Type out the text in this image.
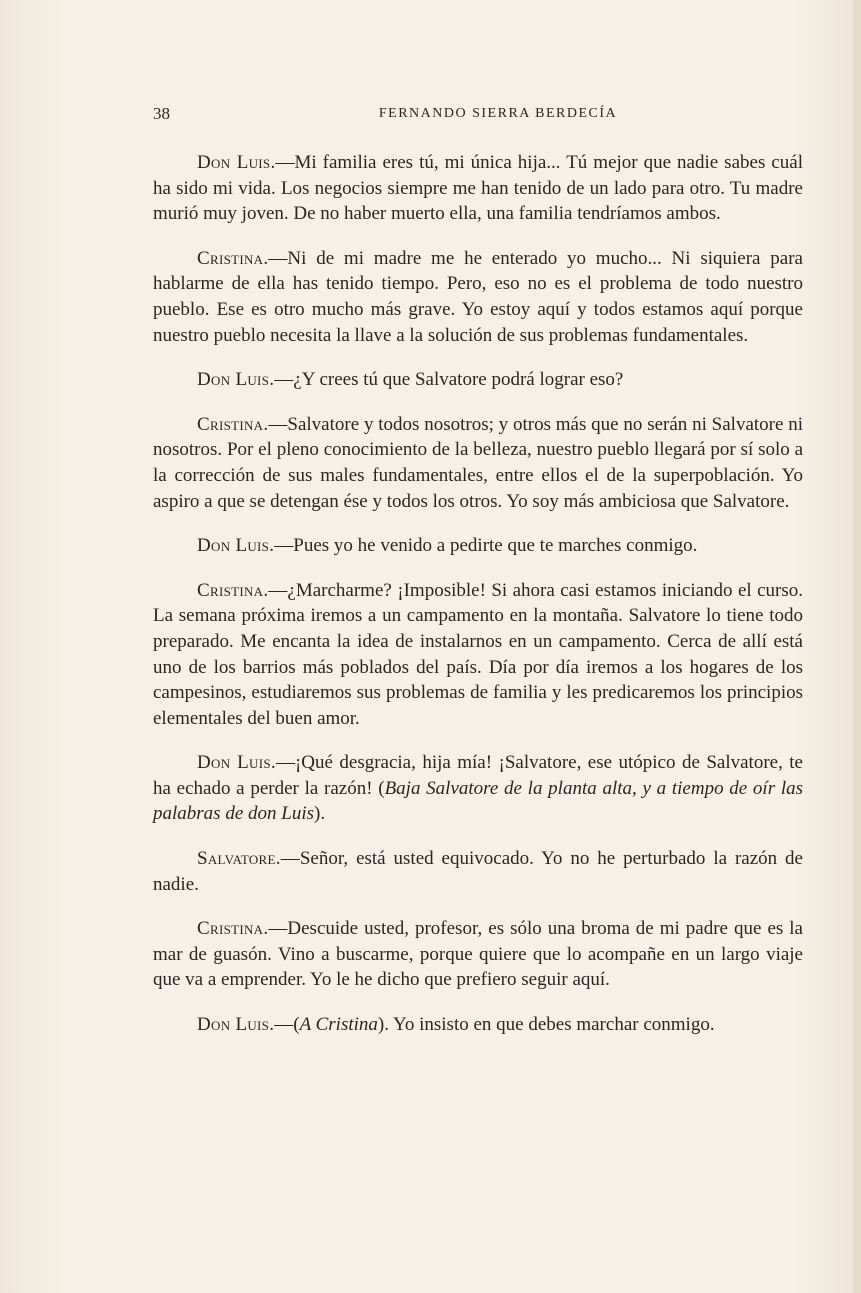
38	FERNANDO SIERRA BERDECÍA

Don Luis.—Mi familia eres tú, mi única hija... Tú mejor que nadie sabes cuál ha sido mi vida. Los negocios siempre me han tenido de un lado para otro. Tu madre murió muy joven. De no haber muerto ella, una familia tendríamos ambos.

Cristina.—Ni de mi madre me he enterado yo mucho... Ni siquiera para hablarme de ella has tenido tiempo. Pero, eso no es el problema de todo nuestro pueblo. Ese es otro mucho más grave. Yo estoy aquí y todos estamos aquí porque nuestro pueblo necesita la llave a la solución de sus problemas fundamentales.

Don Luis.—¿Y crees tú que Salvatore podrá lograr eso?

Cristina.—Salvatore y todos nosotros; y otros más que no serán ni Salvatore ni nosotros. Por el pleno conocimiento de la belleza, nuestro pueblo llegará por sí solo a la corrección de sus males fundamentales, entre ellos el de la superpoblación. Yo aspiro a que se detengan ése y todos los otros. Yo soy más ambiciosa que Salvatore.

Don Luis.—Pues yo he venido a pedirte que te marches conmigo.

Cristina.—¿Marcharme? ¡Imposible! Si ahora casi estamos iniciando el curso. La semana próxima iremos a un campamento en la montaña. Salvatore lo tiene todo preparado. Me encanta la idea de instalarnos en un campamento. Cerca de allí está uno de los barrios más poblados del país. Día por día iremos a los hogares de los campesinos, estudiaremos sus problemas de familia y les predicaremos los principios elementales del buen amor.

Don Luis.—¡Qué desgracia, hija mía! ¡Salvatore, ese utópico de Salvatore, te ha echado a perder la razón! (Baja Salvatore de la planta alta, y a tiempo de oír las palabras de don Luis).

Salvatore.—Señor, está usted equivocado. Yo no he perturbado la razón de nadie.

Cristina.—Descuide usted, profesor, es sólo una broma de mi padre que es la mar de guasón. Vino a buscarme, porque quiere que lo acompañe en un largo viaje que va a emprender. Yo le he dicho que prefiero seguir aquí.

Don Luis.—(A Cristina). Yo insisto en que debes marchar conmigo.
